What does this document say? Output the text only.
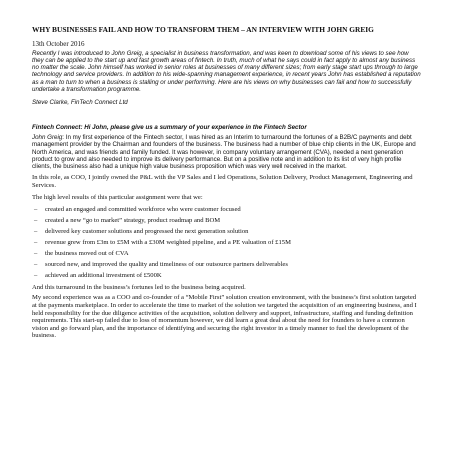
WHY BUSINESSES FAIL AND HOW TO TRANSFORM THEM – AN INTERVIEW WITH JOHN GREIG

13th October 2016

Recently I was introduced to John Greig, a specialist in business transformation, and was keen to download some of his views to see how they can be applied to the start up and fast growth areas of fintech. In truth, much of what he says could in fact apply to almost any business no matter the scale. John himself has worked in senior roles at businesses of many different sizes; from early stage start ups through to large technology and service providers. In addition to his wide-spanning management experience, in recent years John has established a reputation as a man to turn to when a business is stalling or under performing. Here are his views on why businesses can fail and how to successfully undertake a transformation programme.

Steve Clarke, FinTech Connect Ltd

Fintech Connect: Hi John, please give us a summary of your experience in the Fintech Sector

John Greig: In my first experience of the Fintech sector, I was hired as an Interim to turnaround the fortunes of a B2B/C payments and debt management provider by the Chairman and founders of the business. The business had a number of blue chip clients in the UK, Europe and North America, and was friends and family funded. It was however, in company voluntary arrangement (CVA), needed a next generation product to grow and also needed to improve its delivery performance. But on a positive note and in addition to its list of very high profile clients, the business also had a unique high value business proposition which was very well received in the market.

In this role, as COO, I jointly owned the P&L with the VP Sales and I led Operations, Solution Delivery, Product Management, Engineering and Services.

The high level results of this particular assignment were that we:

– created an engaged and committed workforce who were customer focused
– created a new “go to market” strategy, product roadmap and BOM
– delivered key customer solutions and progressed the next generation solution
– revenue grew from £3m to £5M with a £30M weighted pipeline, and a PE valuation of £15M
– the business moved out of CVA
– sourced new, and improved the quality and timeliness of our outsource partners deliverables
– achieved an additional investment of £500K

And this turnaround in the business’s fortunes led to the business being acquired.

My second experience was as a COO and co-founder of a “Mobile First” solution creation environment, with the business’s first solution targeted at the payments marketplace. In order to accelerate the time to market of the solution we targeted the acquisition of an engineering business, and I held responsibility for the due diligence activities of the acquisition, solution delivery and support, infrastructure, staffing and funding definition requirements. This start-up failed due to loss of momentum however, we did learn a great deal about the need for founders to have a common vision and go forward plan, and the importance of identifying and securing the right investor in a timely manner to fuel the development of the business.
